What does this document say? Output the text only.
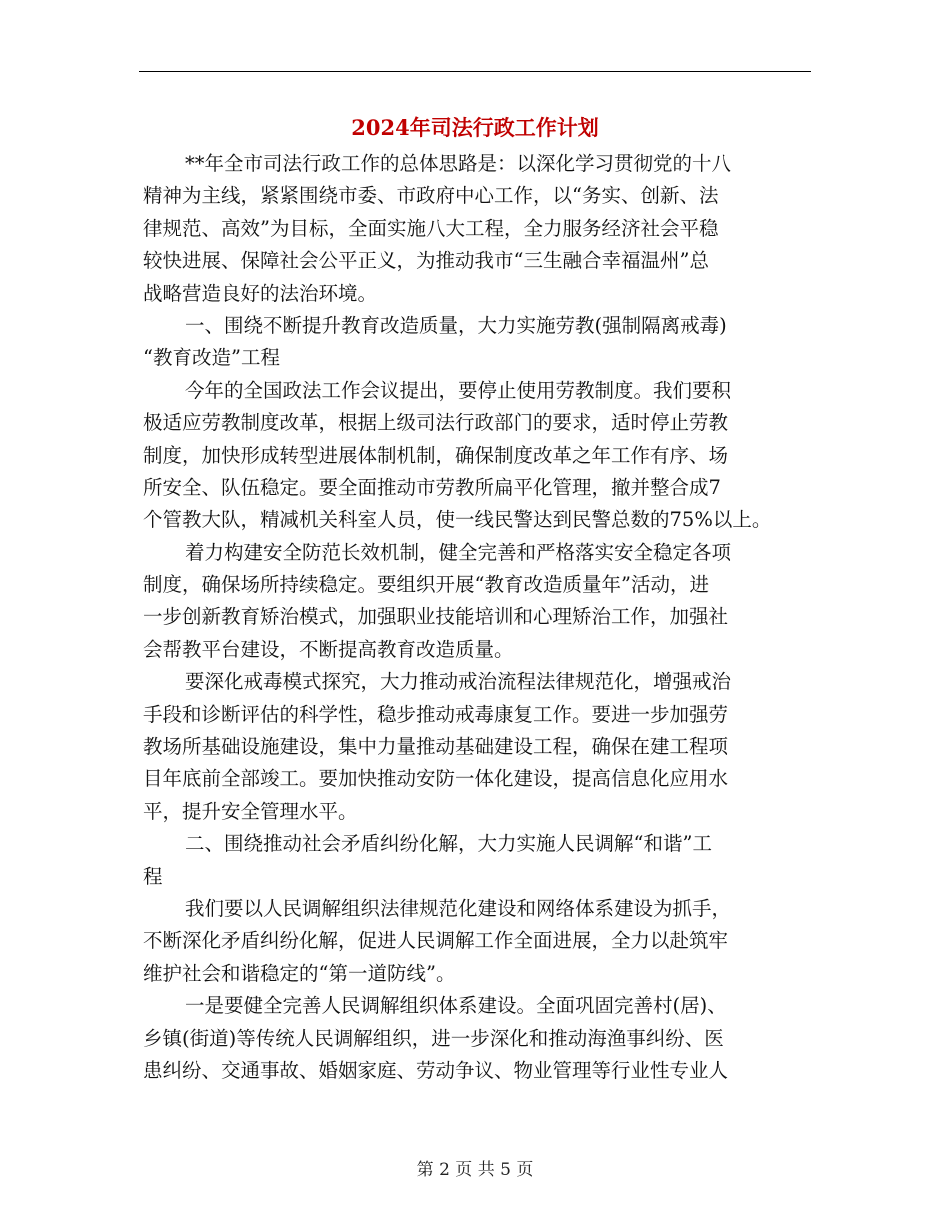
2024年司法行政工作计划

**年全市司法行政工作的总体思路是：以深化学习贯彻党的十八

精神为主线，紧紧围绕市委、市政府中心工作，以“务实、创新、法

律规范、高效”为目标，全面实施八大工程，全力服务经济社会平稳

较快进展、保障社会公平正义，为推动我市“三生融合幸福温州”总

战略营造良好的法治环境。

一、围绕不断提升教育改造质量，大力实施劳教(强制隔离戒毒)

“教育改造”工程

今年的全国政法工作会议提出，要停止使用劳教制度。我们要积

极适应劳教制度改革，根据上级司法行政部门的要求，适时停止劳教

制度，加快形成转型进展体制机制，确保制度改革之年工作有序、场

所安全、队伍稳定。要全面推动市劳教所扁平化管理，撤并整合成7

个管教大队，精减机关科室人员，使一线民警达到民警总数的75%以上。

着力构建安全防范长效机制，健全完善和严格落实安全稳定各项

制度，确保场所持续稳定。要组织开展“教育改造质量年”活动，进

一步创新教育矫治模式，加强职业技能培训和心理矫治工作，加强社

会帮教平台建设，不断提高教育改造质量。

要深化戒毒模式探究，大力推动戒治流程法律规范化，增强戒治

手段和诊断评估的科学性，稳步推动戒毒康复工作。要进一步加强劳

教场所基础设施建设，集中力量推动基础建设工程，确保在建工程项

目年底前全部竣工。要加快推动安防一体化建设，提高信息化应用水

平，提升安全管理水平。

二、围绕推动社会矛盾纠纷化解，大力实施人民调解“和谐”工

程

我们要以人民调解组织法律规范化建设和网络体系建设为抓手，

不断深化矛盾纠纷化解，促进人民调解工作全面进展，全力以赴筑牢

维护社会和谐稳定的“第一道防线”。

一是要健全完善人民调解组织体系建设。全面巩固完善村(居)、

乡镇(街道)等传统人民调解组织，进一步深化和推动海渔事纠纷、医

患纠纷、交通事故、婚姻家庭、劳动争议、物业管理等行业性专业人

第 2 页 共 5 页
